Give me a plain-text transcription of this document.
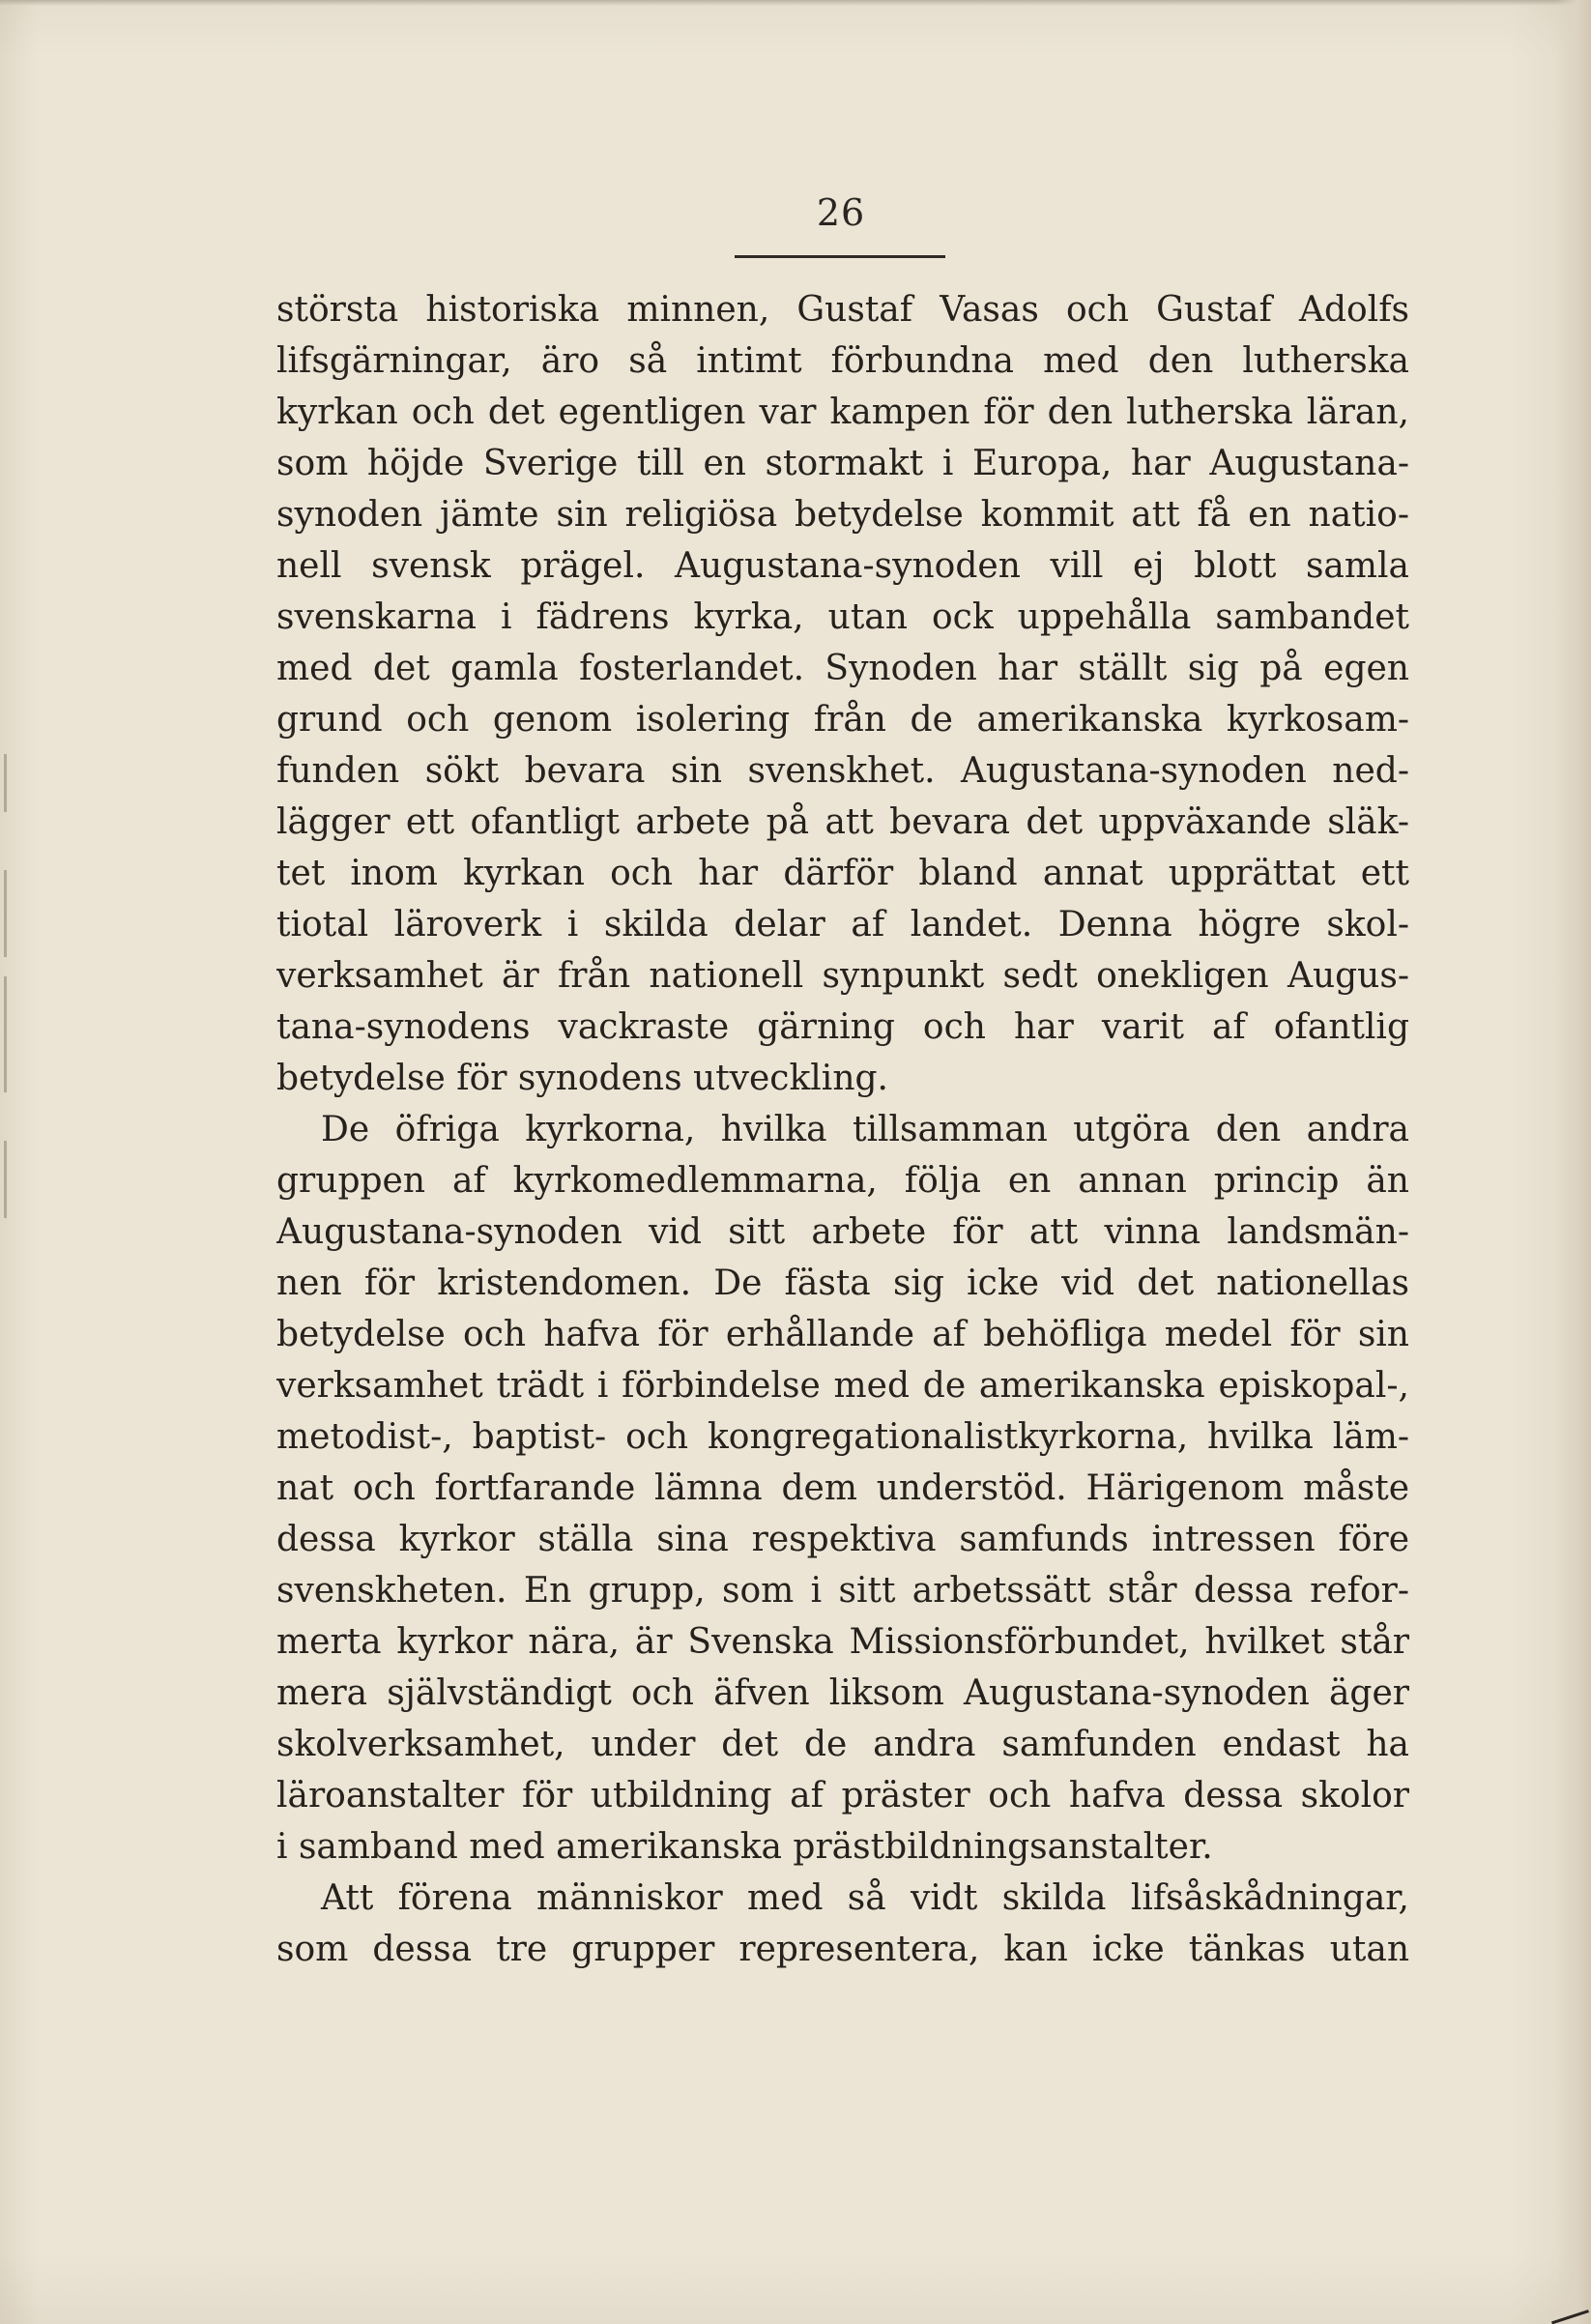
26
största historiska minnen, Gustaf Vasas och Gustaf Adolfs
lifsgärningar, äro så intimt förbundna med den lutherska
kyrkan och det egentligen var kampen för den lutherska läran,
som höjde Sverige till en stormakt i Europa, har Augustana-
synoden jämte sin religiösa betydelse kommit att få en natio-
nell svensk prägel. Augustana-synoden vill ej blott samla
svenskarna i fädrens kyrka, utan ock uppehålla sambandet
med det gamla fosterlandet. Synoden har ställt sig på egen
grund och genom isolering från de amerikanska kyrkosam-
funden sökt bevara sin svenskhet. Augustana-synoden ned-
lägger ett ofantligt arbete på att bevara det uppväxande släk-
tet inom kyrkan och har därför bland annat upprättat ett
tiotal läroverk i skilda delar af landet. Denna högre skol-
verksamhet är från nationell synpunkt sedt onekligen Augus-
tana-synodens vackraste gärning och har varit af ofantlig
betydelse för synodens utveckling.
De öfriga kyrkorna, hvilka tillsamman utgöra den andra
gruppen af kyrkomedlemmarna, följa en annan princip än
Augustana-synoden vid sitt arbete för att vinna landsmän-
nen för kristendomen. De fästa sig icke vid det nationellas
betydelse och hafva för erhållande af behöfliga medel för sin
verksamhet trädt i förbindelse med de amerikanska episkopal-,
metodist-, baptist- och kongregationalistkyrkorna, hvilka läm-
nat och fortfarande lämna dem understöd. Härigenom måste
dessa kyrkor ställa sina respektiva samfunds intressen före
svenskheten. En grupp, som i sitt arbetssätt står dessa refor-
merta kyrkor nära, är Svenska Missionsförbundet, hvilket står
mera självständigt och äfven liksom Augustana-synoden äger
skolverksamhet, under det de andra samfunden endast ha
läroanstalter för utbildning af präster och hafva dessa skolor
i samband med amerikanska prästbildningsanstalter.
Att förena människor med så vidt skilda lifsåskådningar,
som dessa tre grupper representera, kan icke tänkas utan
